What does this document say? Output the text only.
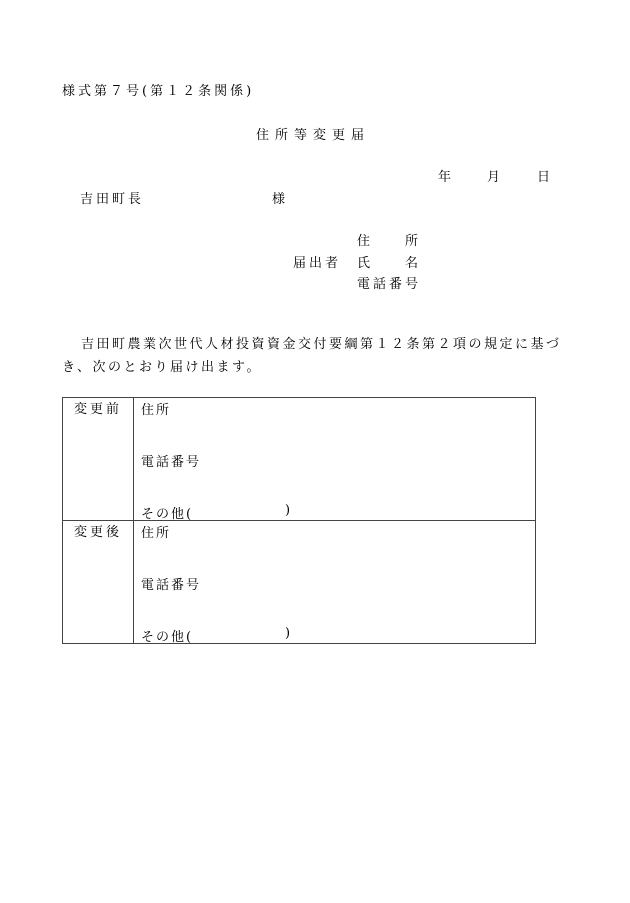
様式第７号(第１２条関係)
住所等変更届
年	月	日
吉田町長	様
届出者
住　　所
氏　　名
電話番号
吉田町農業次世代人材投資資金交付要綱第１２条第２項の規定に基づき、次のとおり届け出ます。
変更前	住所
電話番号
その他( )

変更後	住所
電話番号
その他( )
